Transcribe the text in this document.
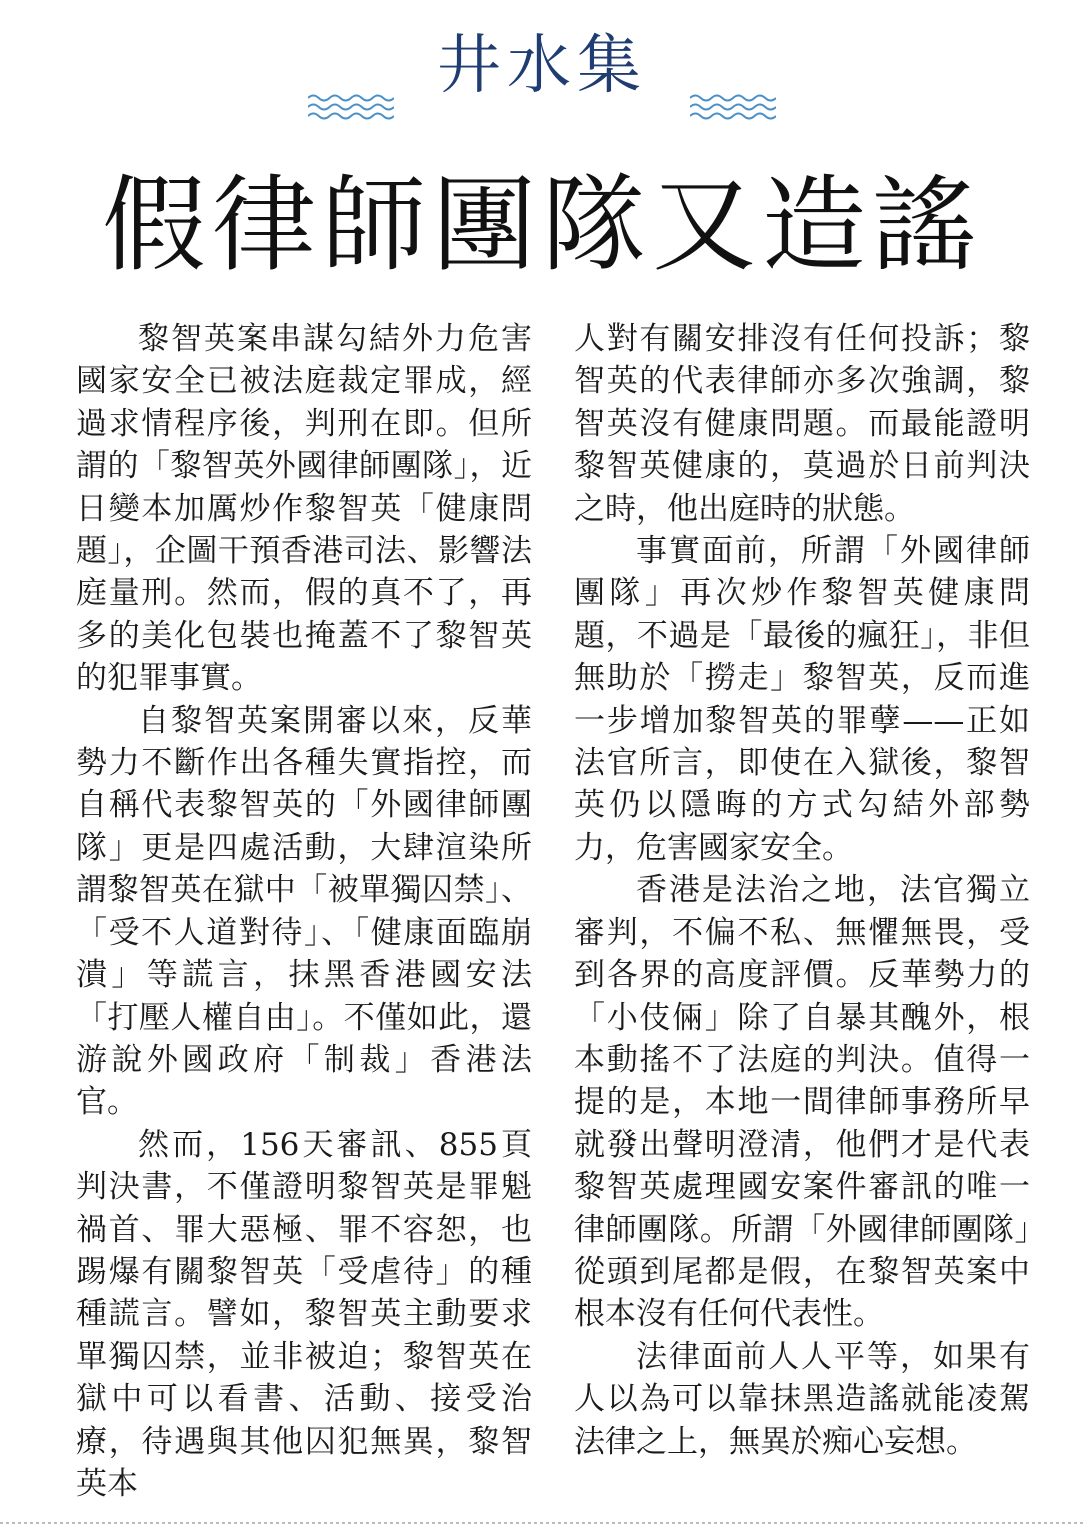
井水集
假律師團隊又造謠

黎智英案串謀勾結外力危害國家安全已被法庭裁定罪成，經過求情程序後，判刑在即。但所謂的「黎智英外國律師團隊」，近日變本加厲炒作黎智英「健康問題」，企圖干預香港司法、影響法庭量刑。然而，假的真不了，再多的美化包裝也掩蓋不了黎智英的犯罪事實。

自黎智英案開審以來，反華勢力不斷作出各種失實指控，而自稱代表黎智英的「外國律師團隊」更是四處活動，大肆渲染所謂黎智英在獄中「被單獨囚禁」、「受不人道對待」、「健康面臨崩潰」等謊言，抹黑香港國安法「打壓人權自由」。不僅如此，還游說外國政府「制裁」香港法官。

然而，156天審訊、855頁判決書，不僅證明黎智英是罪魁禍首、罪大惡極、罪不容恕，也踢爆有關黎智英「受虐待」的種種謊言。譬如，黎智英主動要求單獨囚禁，並非被迫；黎智英在獄中可以看書、活動、接受治療，待遇與其他囚犯無異，黎智英本

人對有關安排沒有任何投訴；黎智英的代表律師亦多次強調，黎智英沒有健康問題。而最能證明黎智英健康的，莫過於日前判決之時，他出庭時的狀態。

事實面前，所謂「外國律師團隊」再次炒作黎智英健康問題，不過是「最後的瘋狂」，非但無助於「撈走」黎智英，反而進一步增加黎智英的罪孽——正如法官所言，即使在入獄後，黎智英仍以隱晦的方式勾結外部勢力，危害國家安全。

香港是法治之地，法官獨立審判，不偏不私、無懼無畏，受到各界的高度評價。反華勢力的「小伎倆」除了自暴其醜外，根本動搖不了法庭的判決。值得一提的是，本地一間律師事務所早就發出聲明澄清，他們才是代表黎智英處理國安案件審訊的唯一律師團隊。所謂「外國律師團隊」從頭到尾都是假，在黎智英案中根本沒有任何代表性。

法律面前人人平等，如果有人以為可以靠抹黑造謠就能凌駕法律之上，無異於痴心妄想。
